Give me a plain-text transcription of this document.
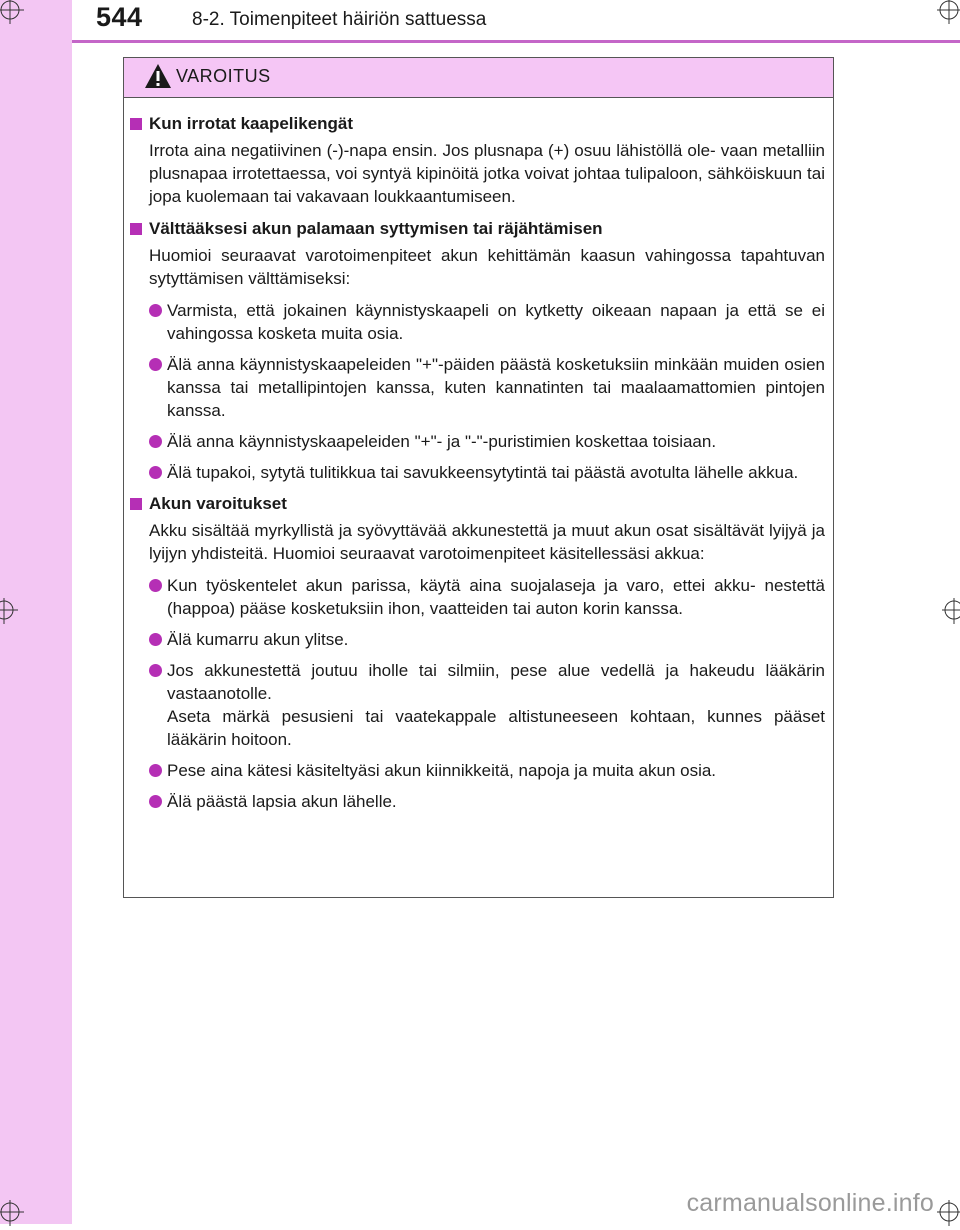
544	8-2. Toimenpiteet häiriön sattuessa
VAROITUS
Kun irrotat kaapelikengät
Irrota aina negatiivinen (-)-napa ensin. Jos plusnapa (+) osuu lähistöllä ole- vaan metalliin plusnapaa irrotettaessa, voi syntyä kipinöitä jotka voivat johtaa tulipaloon, sähköiskuun tai jopa kuolemaan tai vakavaan loukkaantumiseen.
Välttääksesi akun palamaan syttymisen tai räjähtämisen
Huomioi seuraavat varotoimenpiteet akun kehittämän kaasun vahingossa tapahtuvan sytyttämisen välttämiseksi:
Varmista, että jokainen käynnistyskaapeli on kytketty oikeaan napaan ja että se ei vahingossa kosketa muita osia.
Älä anna käynnistyskaapeleiden "+"-päiden päästä kosketuksiin minkään muiden osien kanssa tai metallipintojen kanssa, kuten kannatinten tai maalaamattomien pintojen kanssa.
Älä anna käynnistyskaapeleiden "+"- ja "-"-puristimien koskettaa toisiaan.
Älä tupakoi, sytytä tulitikkua tai savukkeensytytintä tai päästä avotulta lähelle akkua.
Akun varoitukset
Akku sisältää myrkyllistä ja syövyttävää akkunestettä ja muut akun osat sisältävät lyijyä ja lyijyn yhdisteitä. Huomioi seuraavat varotoimenpiteet käsitellessäsi akkua:
Kun työskentelet akun parissa, käytä aina suojalaseja ja varo, ettei akku- nestettä (happoa) pääse kosketuksiin ihon, vaatteiden tai auton korin kanssa.
Älä kumarru akun ylitse.
Jos akkunestettä joutuu iholle tai silmiin, pese alue vedellä ja hakeudu lääkärin vastaanotolle.
Aseta märkä pesusieni tai vaatekappale altistuneeseen kohtaan, kunnes pääset lääkärin hoitoon.
Pese aina kätesi käsiteltyäsi akun kiinnikkeitä, napoja ja muita akun osia.
Älä päästä lapsia akun lähelle.
carmanualsonline.info
